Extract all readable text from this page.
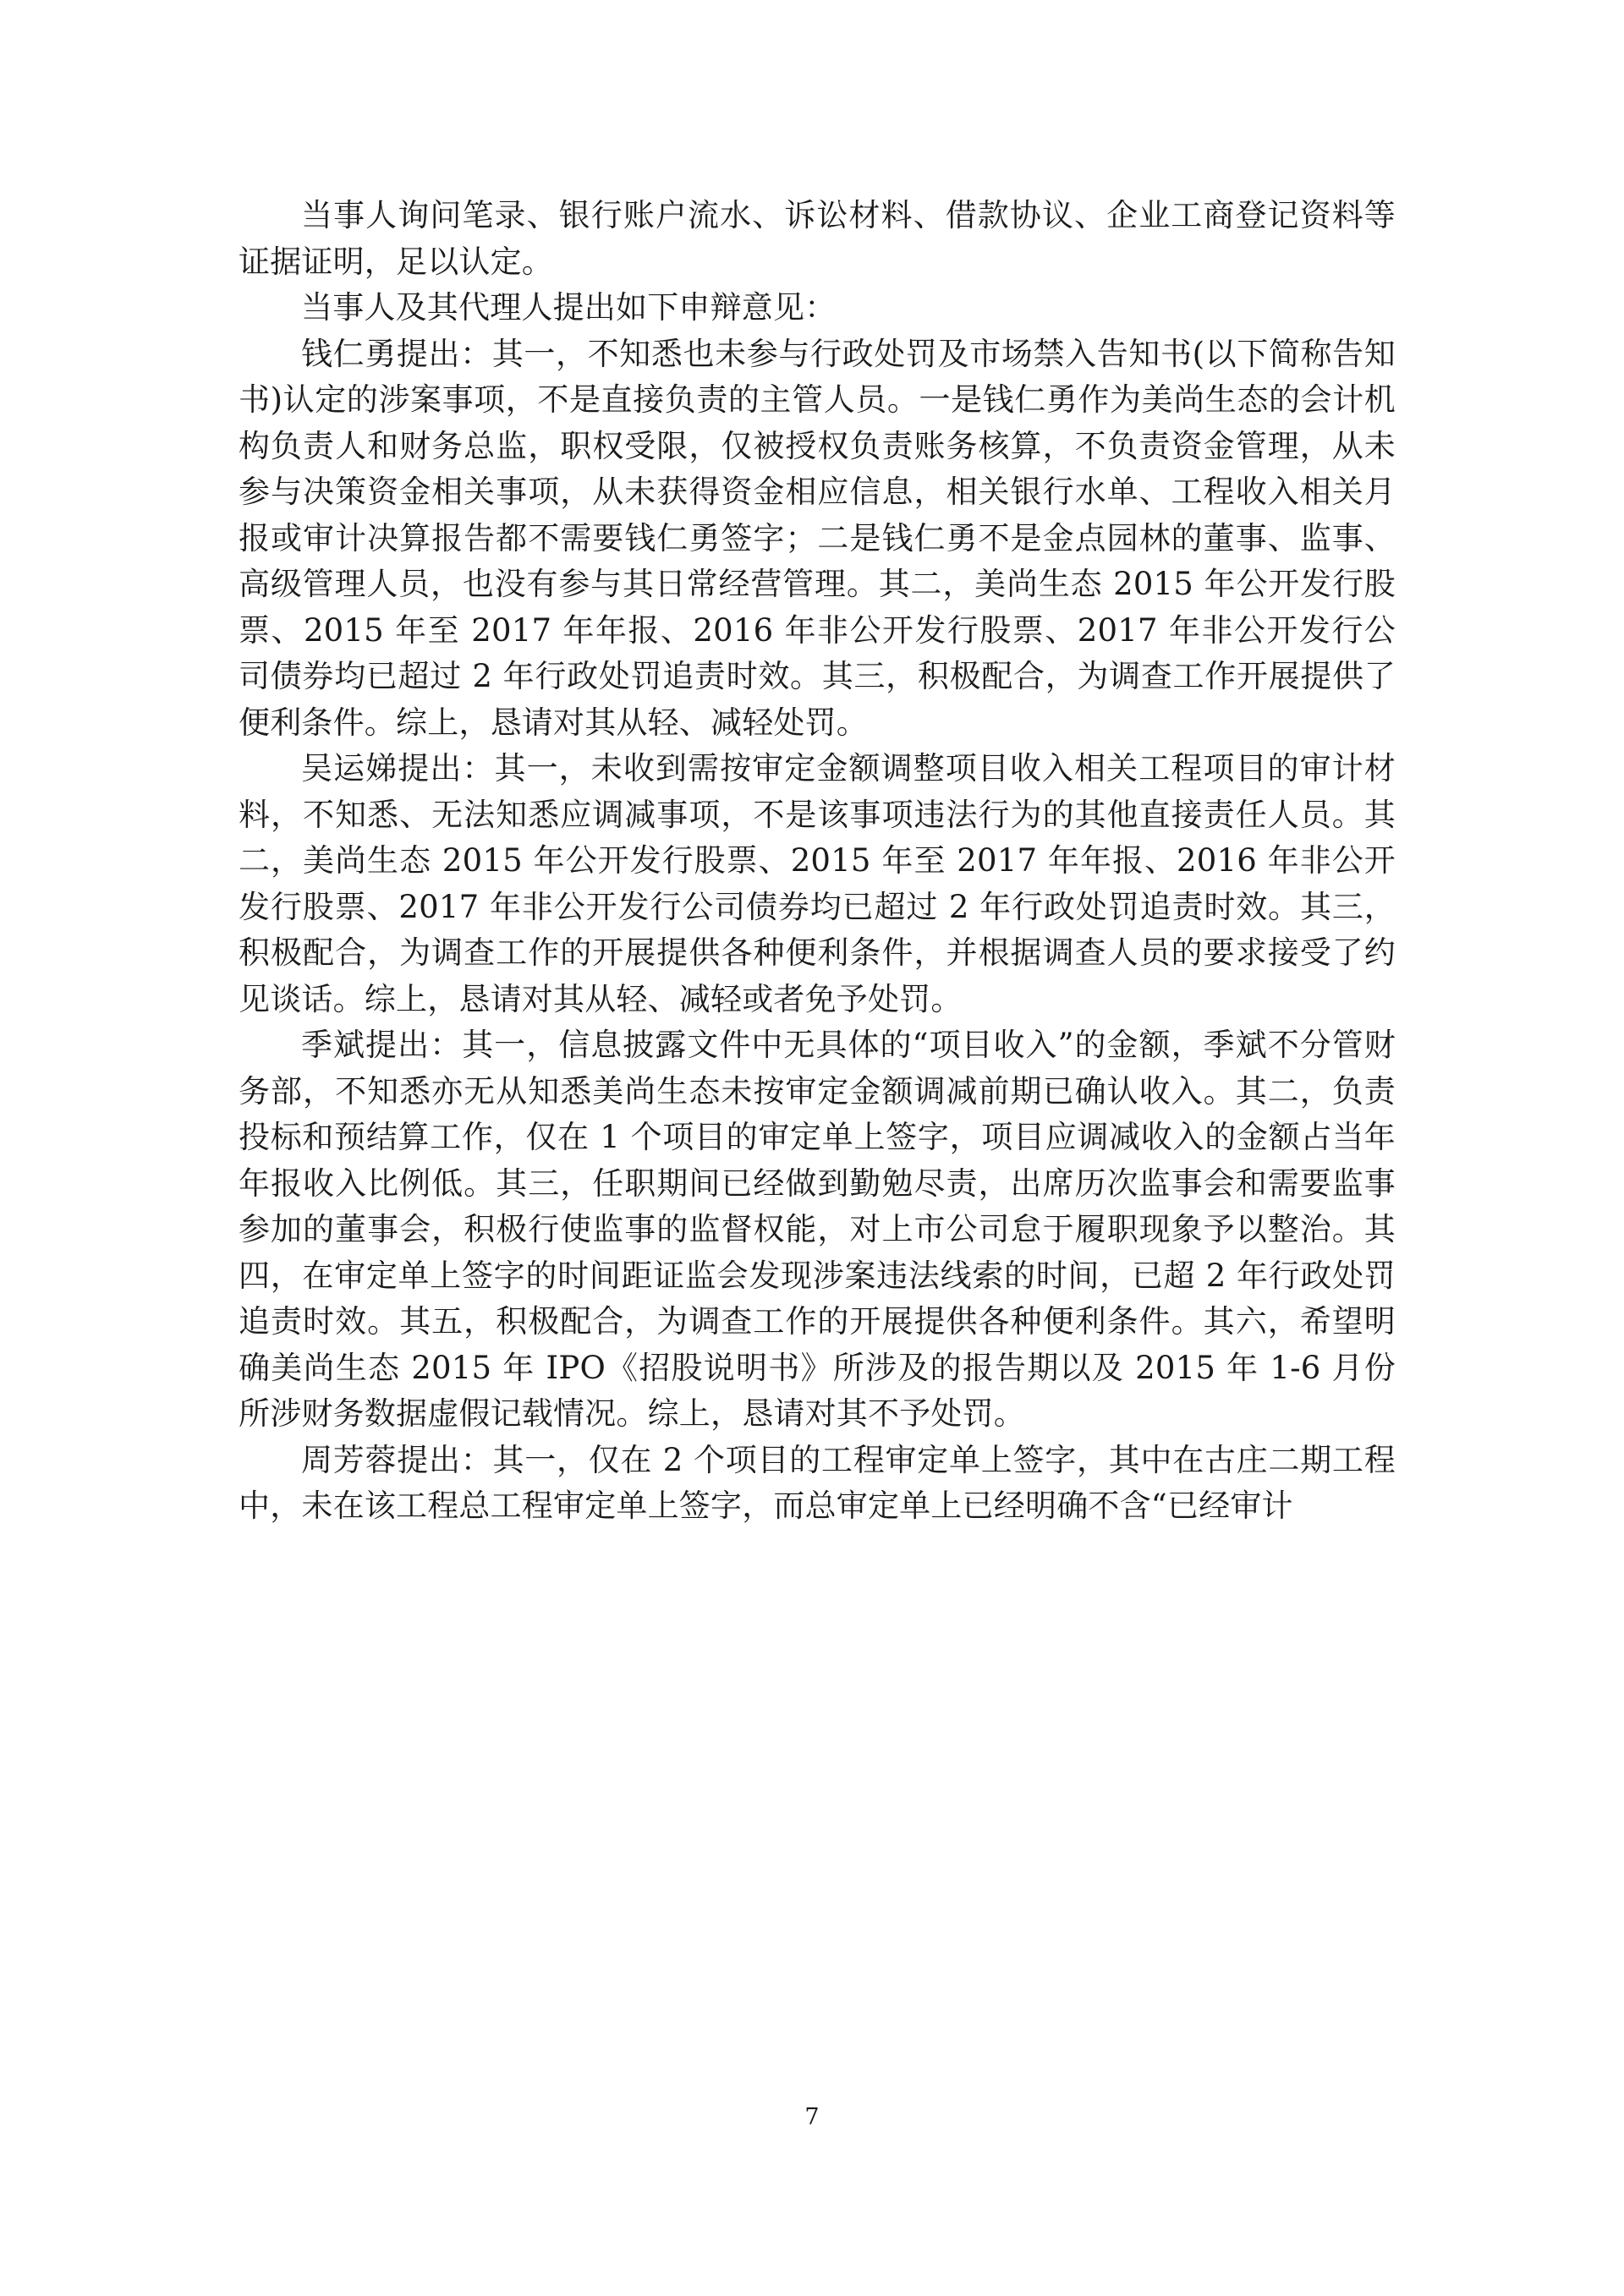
当事人询问笔录、银行账户流水、诉讼材料、借款协议、企业工商登记资料等证据证明，足以认定。

当事人及其代理人提出如下申辩意见：

钱仁勇提出：其一，不知悉也未参与行政处罚及市场禁入告知书(以下简称告知书)认定的涉案事项，不是直接负责的主管人员。一是钱仁勇作为美尚生态的会计机构负责人和财务总监，职权受限，仅被授权负责账务核算，不负责资金管理，从未参与决策资金相关事项，从未获得资金相应信息，相关银行水单、工程收入相关月报或审计决算报告都不需要钱仁勇签字；二是钱仁勇不是金点园林的董事、监事、高级管理人员，也没有参与其日常经营管理。其二，美尚生态 2015 年公开发行股票、2015 年至 2017 年年报、2016 年非公开发行股票、2017 年非公开发行公司债券均已超过 2 年行政处罚追责时效。其三，积极配合，为调查工作开展提供了便利条件。综上，恳请对其从轻、减轻处罚。

吴运娣提出：其一，未收到需按审定金额调整项目收入相关工程项目的审计材料，不知悉、无法知悉应调减事项，不是该事项违法行为的其他直接责任人员。其二，美尚生态 2015 年公开发行股票、2015 年至 2017 年年报、2016 年非公开发行股票、2017 年非公开发行公司债券均已超过 2 年行政处罚追责时效。其三，积极配合，为调查工作的开展提供各种便利条件，并根据调查人员的要求接受了约见谈话。综上，恳请对其从轻、减轻或者免予处罚。

季斌提出：其一，信息披露文件中无具体的“项目收入”的金额，季斌不分管财务部，不知悉亦无从知悉美尚生态未按审定金额调减前期已确认收入。其二，负责投标和预结算工作，仅在 1 个项目的审定单上签字，项目应调减收入的金额占当年年报收入比例低。其三，任职期间已经做到勤勉尽责，出席历次监事会和需要监事参加的董事会，积极行使监事的监督权能，对上市公司怠于履职现象予以整治。其四，在审定单上签字的时间距证监会发现涉案违法线索的时间，已超 2 年行政处罚追责时效。其五，积极配合，为调查工作的开展提供各种便利条件。其六，希望明确美尚生态 2015 年 IPO《招股说明书》所涉及的报告期以及 2015 年 1-6 月份所涉财务数据虚假记载情况。综上，恳请对其不予处罚。

周芳蓉提出：其一，仅在 2 个项目的工程审定单上签字，其中在古庄二期工程中，未在该工程总工程审定单上签字，而总审定单上已经明确不含“已经审计

7
